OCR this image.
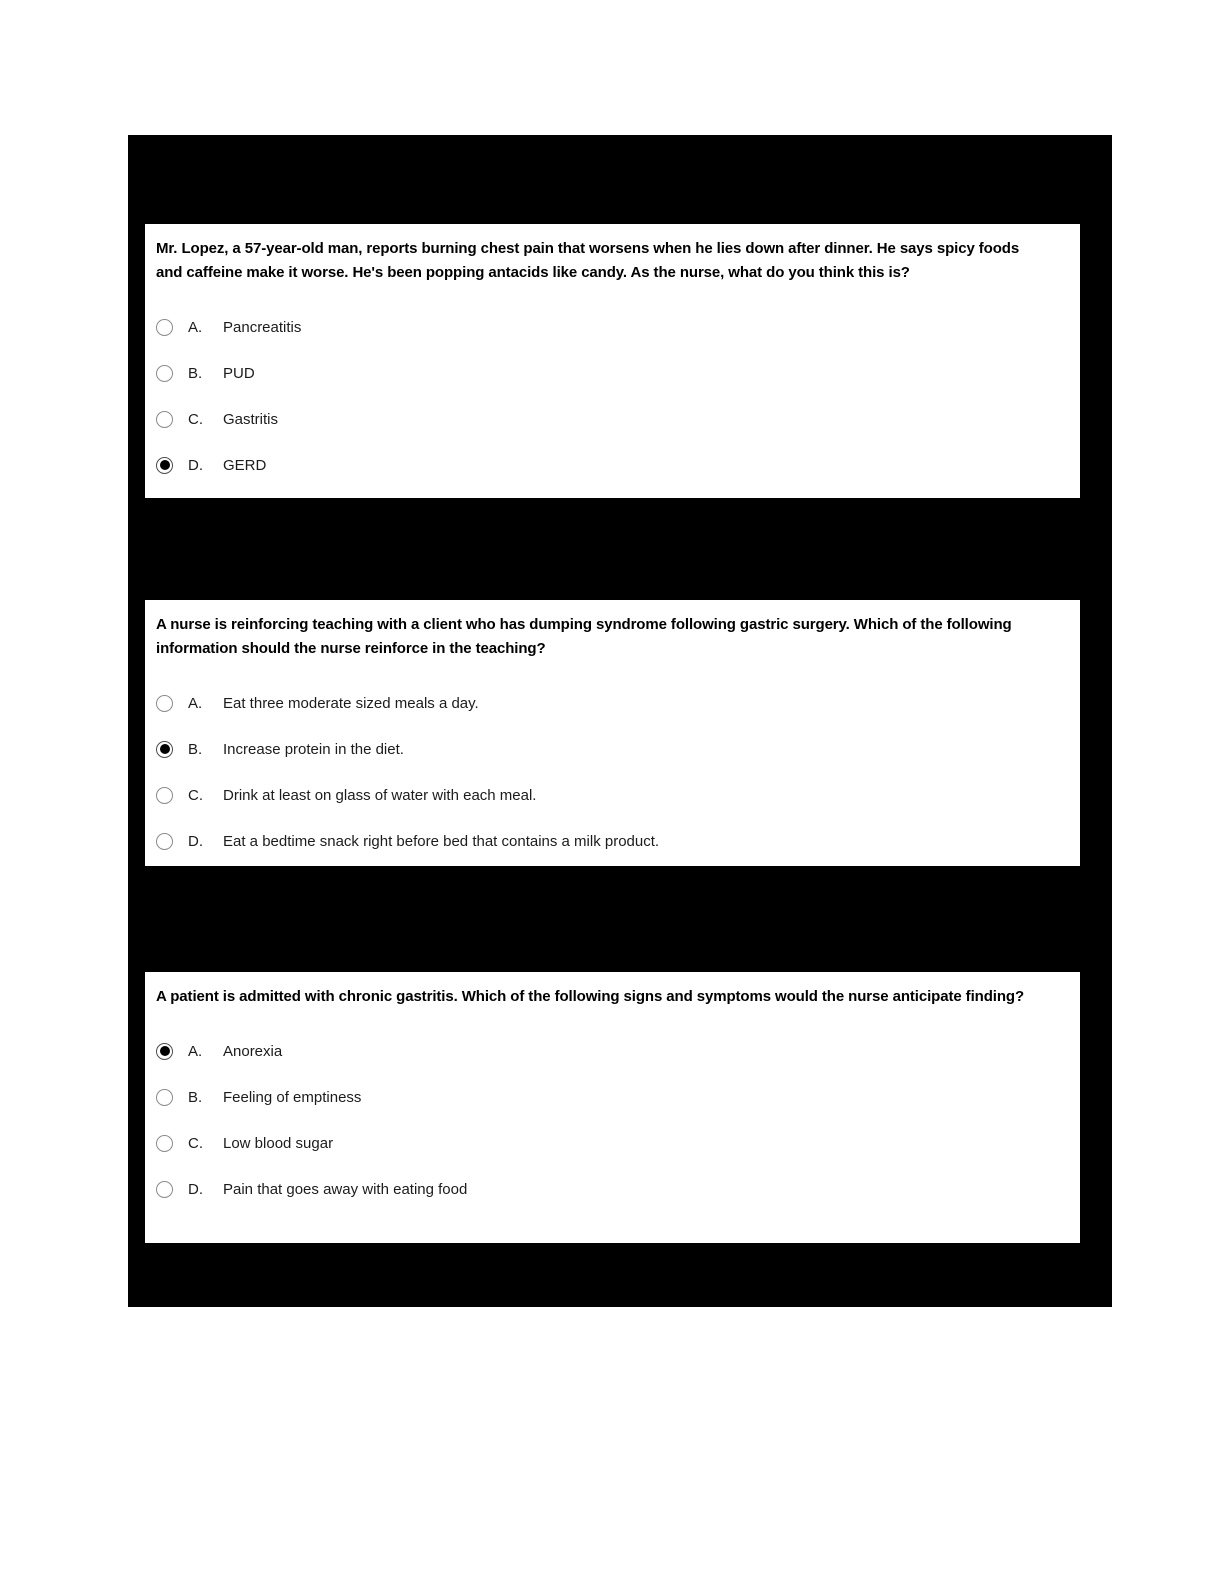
Mr. Lopez, a 57-year-old man, reports burning chest pain that worsens when he lies down after dinner. He says spicy foods and caffeine make it worse. He's been popping antacids like candy. As the nurse, what do you think this is?
A.	Pancreatitis
B.	PUD
C.	Gastritis
D.	GERD
A nurse is reinforcing teaching with a client who has dumping syndrome following gastric surgery. Which of the following information should the nurse reinforce in the teaching?
A.	Eat three moderate sized meals a day.
B.	Increase protein in the diet.
C.	Drink at least on glass of water with each meal.
D.	Eat a bedtime snack right before bed that contains a milk product.
A patient is admitted with chronic gastritis. Which of the following signs and symptoms would the nurse anticipate finding?
A.	Anorexia
B.	Feeling of emptiness
C.	Low blood sugar
D.	Pain that goes away with eating food
